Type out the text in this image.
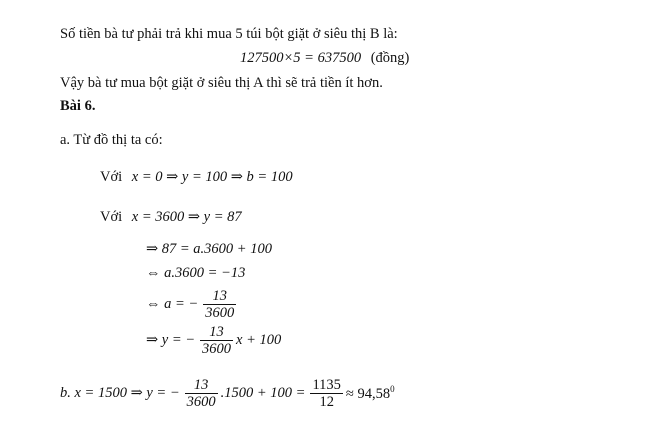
Số tiền bà tư phải trả khi mua 5 túi bột giặt ở siêu thị B là:
127500×5 = 637500 (đồng)
Vậy bà tư mua bột giặt ở siêu thị A thì sẽ trả tiền ít hơn.
Bài 6.
a. Từ đồ thị ta có:
Với x = 0 ⇒ y = 100 ⇒ b = 100
Với x = 3600 ⇒ y = 87
⇒ 87 = a.3600 + 100
⇔ a.3600 = −13
⇔ a = − $\frac{13}{3600}$
⇒ y = − $\frac{13}{3600}$ x + 100
b. x = 1500 ⇒ y = − $\frac{13}{3600} .1500 + 100 = \frac{1135}{12} \approx 94,58^0$
